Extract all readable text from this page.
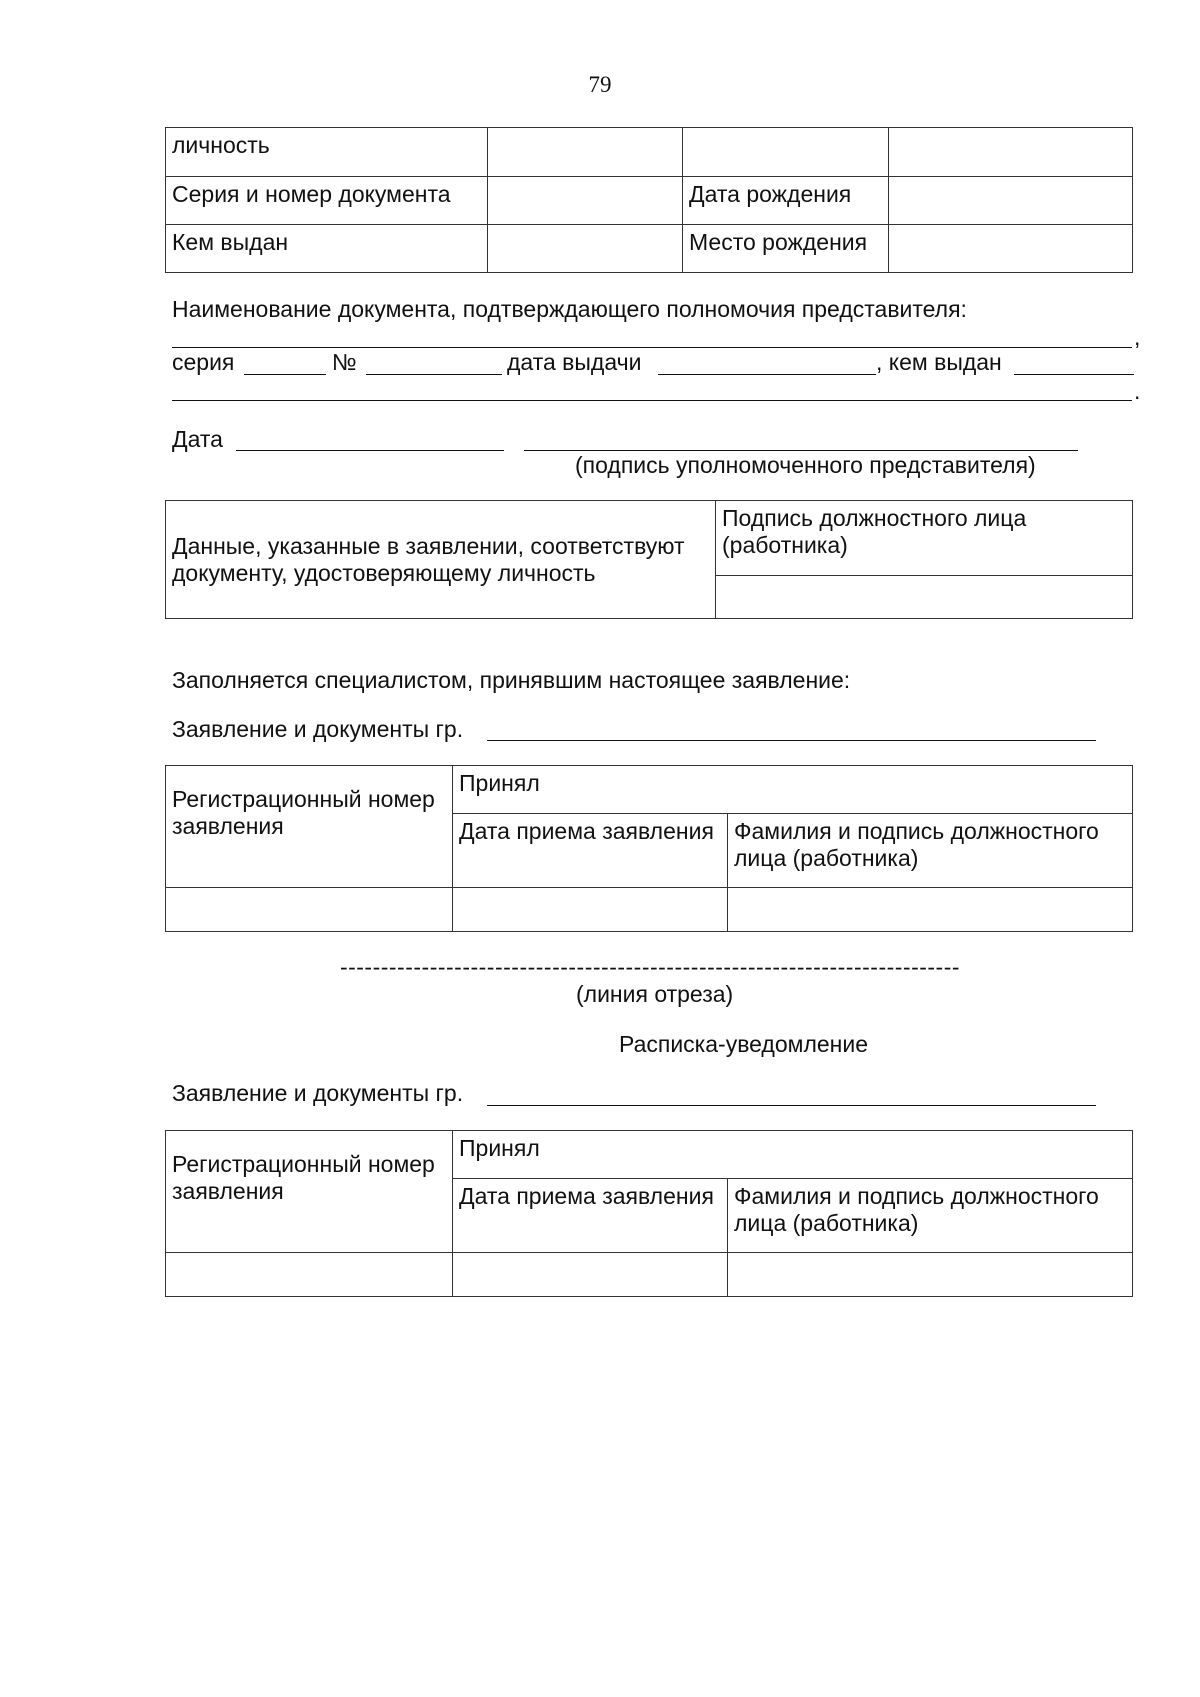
79
личность			
Серия и номер документа		Дата рождения	
Кем выдан		Место рождения	
Наименование документа, подтверждающего полномочия представителя:
,
серия	№	дата выдачи	, кем выдан
.
Дата
(подпись уполномоченного представителя)
Данные, указанные в заявлении, соответствуют документу, удостоверяющему личность	Подпись должностного лица (работника)

Заполняется специалистом, принявшим настоящее заявление:
Заявление и документы гр.
Регистрационный номер заявления	Принял	
	Дата приема заявления	Фамилия и подпись должностного лица (работника)

----------------------------------------------------------------------------
(линия отреза)
Расписка-уведомление
Заявление и документы гр.
Регистрационный номер заявления	Принял	
	Дата приема заявления	Фамилия и подпись должностного лица (работника)
